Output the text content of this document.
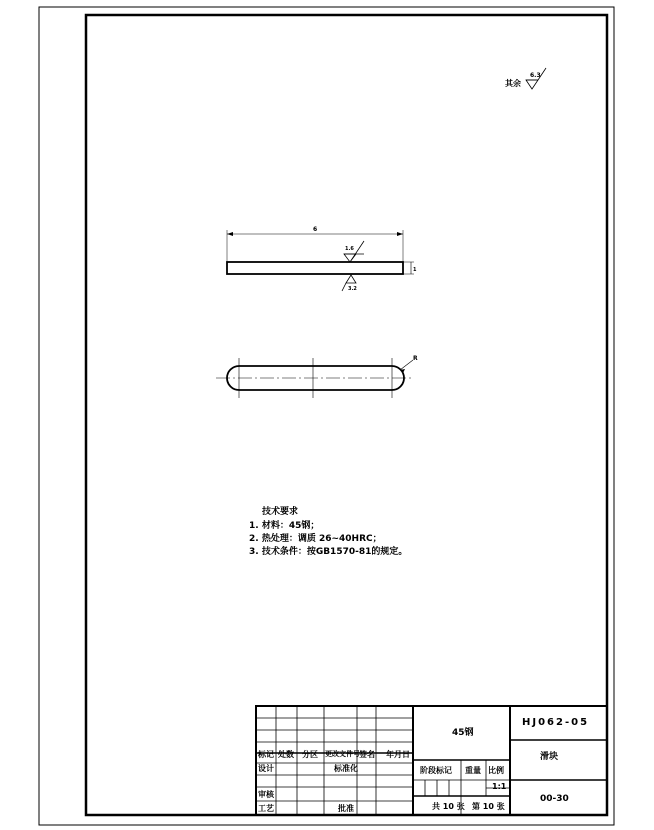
其余
6.3
6
1
1.6
3.2
R
技术要求
1. 材料：45钢；
2. 热处理：调质 26~40HRC；
3. 技术条件：按GB1570-81的规定。
标记 处数 分区 更改文件号 签名 年月日
设计	标准化
审核
工艺	批准
45钢
阶段标记 重量 比例
1:1
共 10 张 第 10 张
HJ062-05
滑块
00-30
